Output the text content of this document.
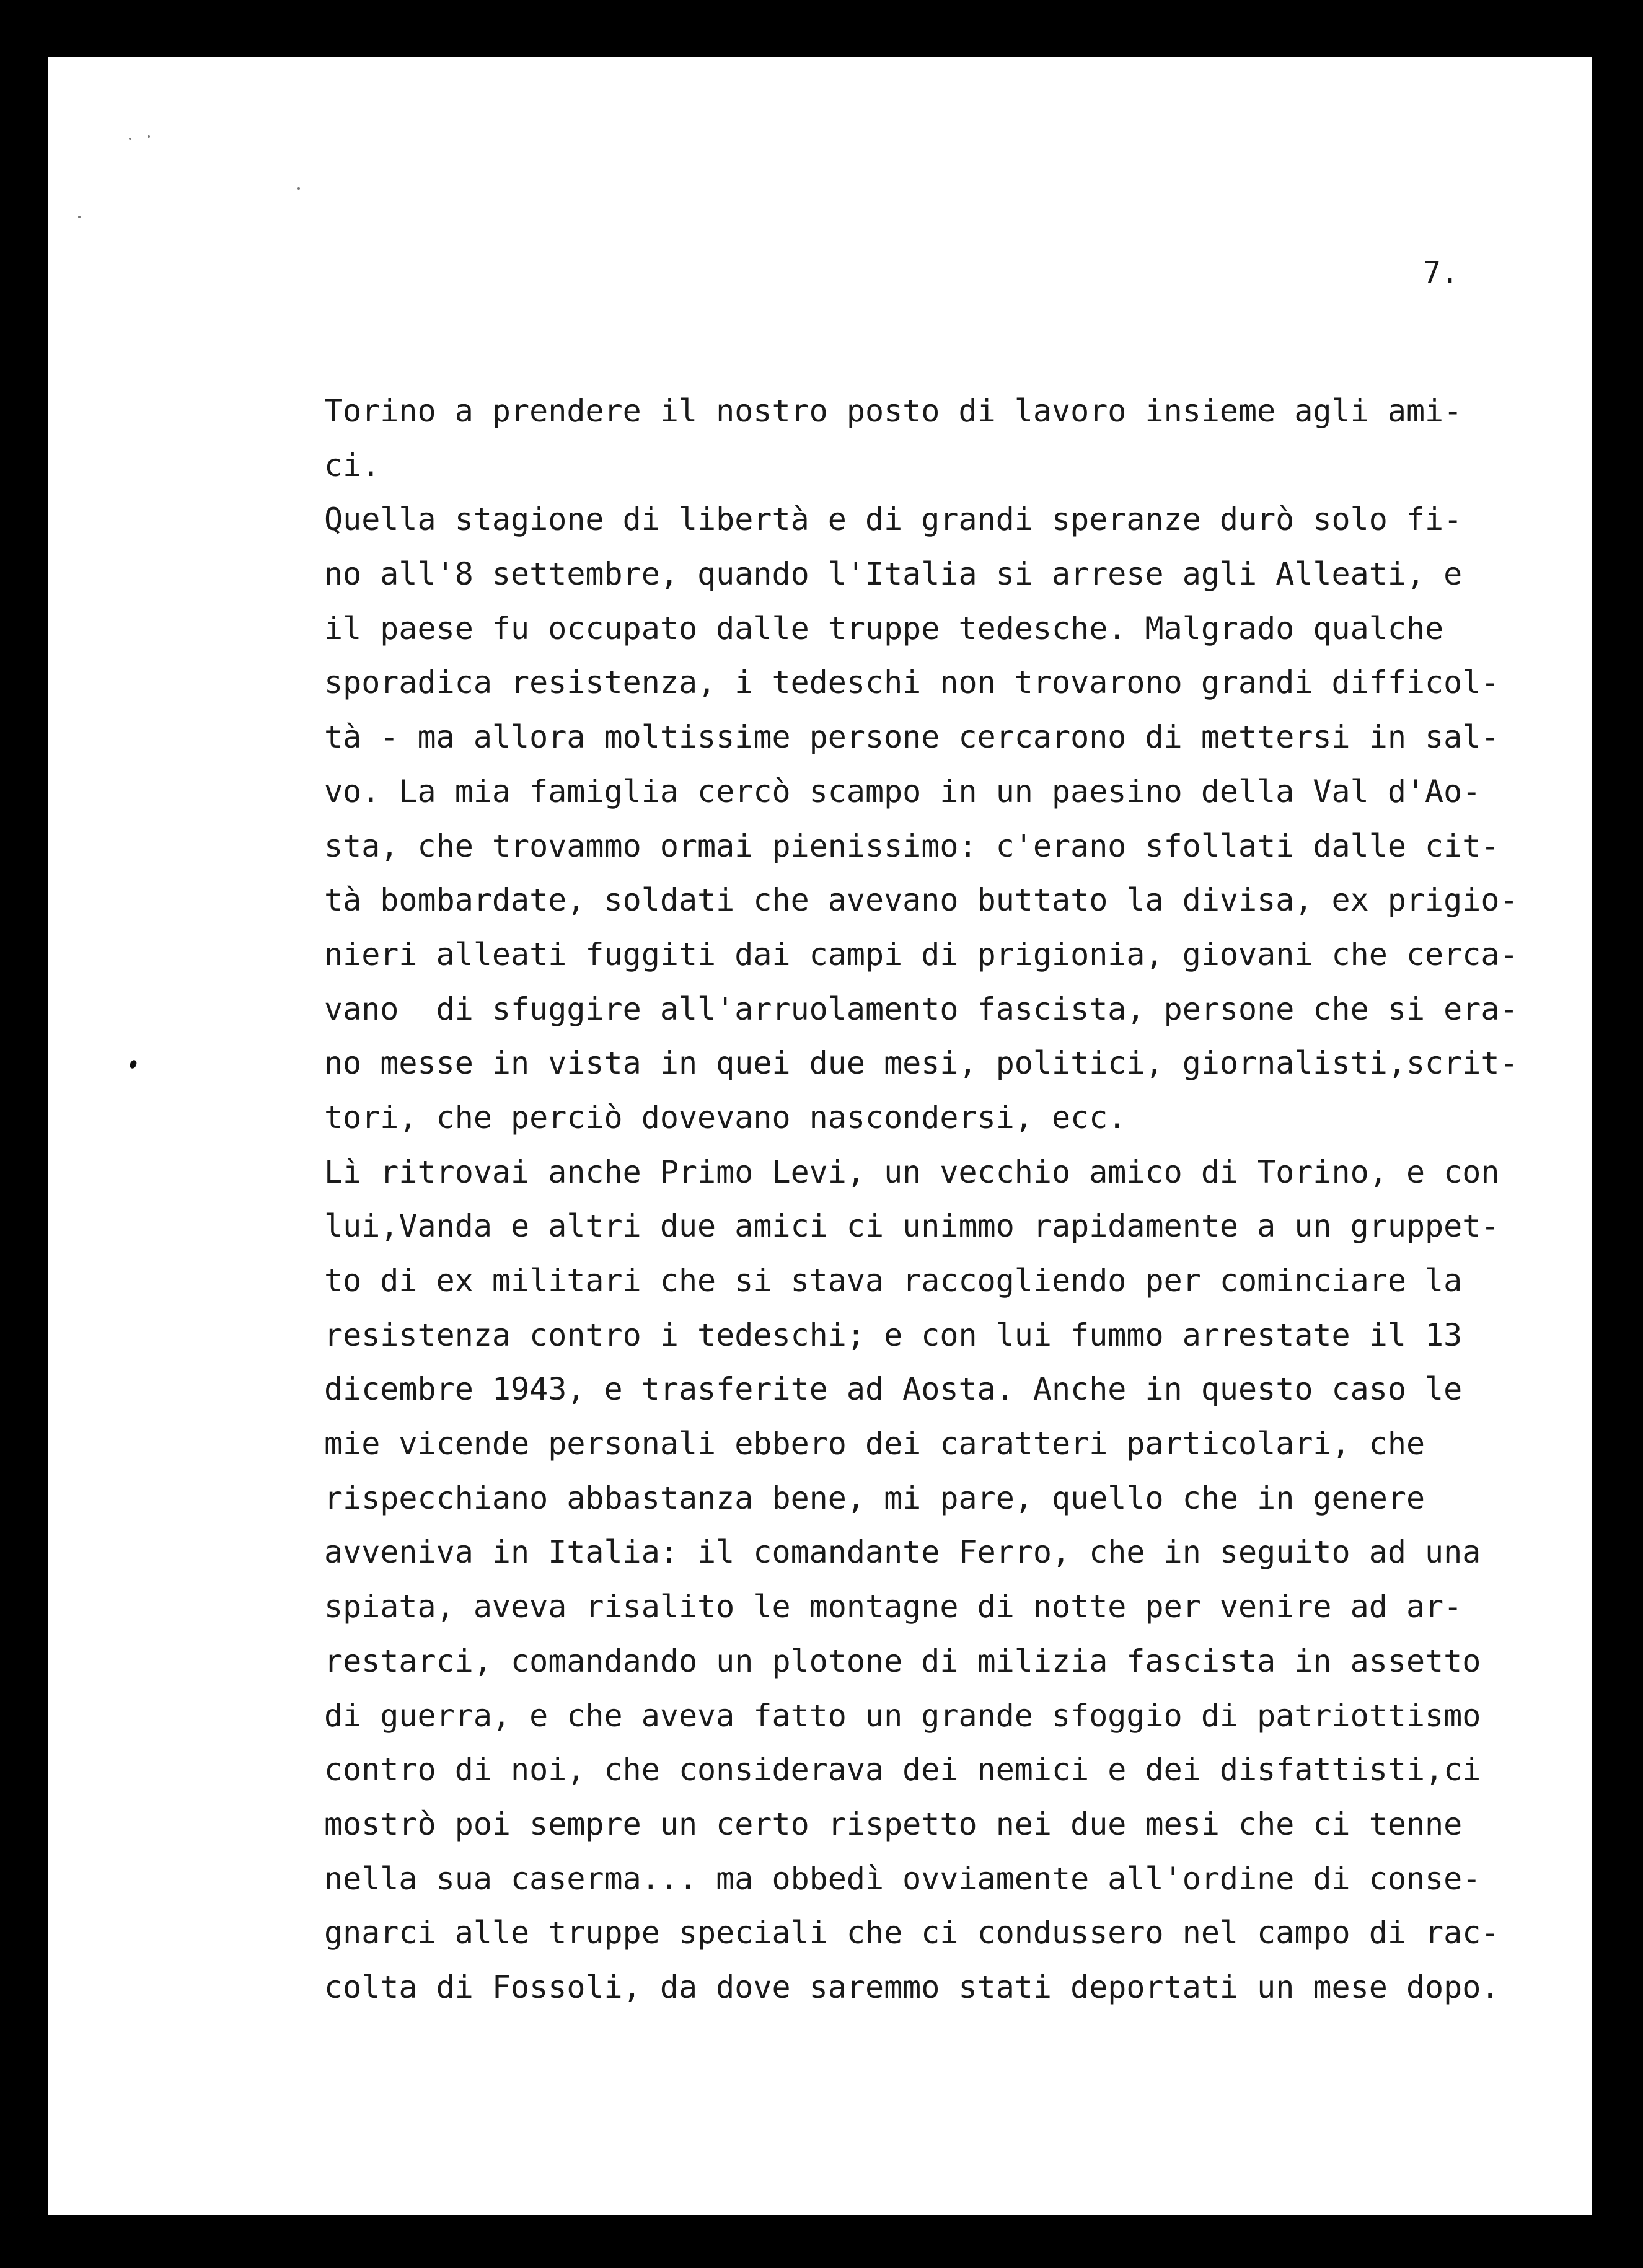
7.
Torino a prendere il nostro posto di lavoro insieme agli ami-
ci.
Quella stagione di libertà e di grandi speranze durò solo fi-
no all'8 settembre, quando l'Italia si arrese agli Alleati, e
il paese fu occupato dalle truppe tedesche. Malgrado qualche
sporadica resistenza, i tedeschi non trovarono grandi difficol-
tà - ma allora moltissime persone cercarono di mettersi in sal-
vo. La mia famiglia cercò scampo in un paesino della Val d'Ao-
sta, che trovammo ormai pienissimo: c'erano sfollati dalle cit-
tà bombardate, soldati che avevano buttato la divisa, ex prigio-
nieri alleati fuggiti dai campi di prigionia, giovani che cerca-
vano  di sfuggire all'arruolamento fascista, persone che si era-
no messe in vista in quei due mesi, politici, giornalisti,scrit-
tori, che perciò dovevano nascondersi, ecc.
Lì ritrovai anche Primo Levi, un vecchio amico di Torino, e con
lui,Vanda e altri due amici ci unimmo rapidamente a un gruppet-
to di ex militari che si stava raccogliendo per cominciare la
resistenza contro i tedeschi; e con lui fummo arrestate il 13
dicembre 1943, e trasferite ad Aosta. Anche in questo caso le
mie vicende personali ebbero dei caratteri particolari, che
rispecchiano abbastanza bene, mi pare, quello che in genere
avveniva in Italia: il comandante Ferro, che in seguito ad una
spiata, aveva risalito le montagne di notte per venire ad ar-
restarci, comandando un plotone di milizia fascista in assetto
di guerra, e che aveva fatto un grande sfoggio di patriottismo
contro di noi, che considerava dei nemici e dei disfattisti,ci
mostrò poi sempre un certo rispetto nei due mesi che ci tenne
nella sua caserma... ma obbedì ovviamente all'ordine di conse-
gnarci alle truppe speciali che ci condussero nel campo di rac-
colta di Fossoli, da dove saremmo stati deportati un mese dopo.
